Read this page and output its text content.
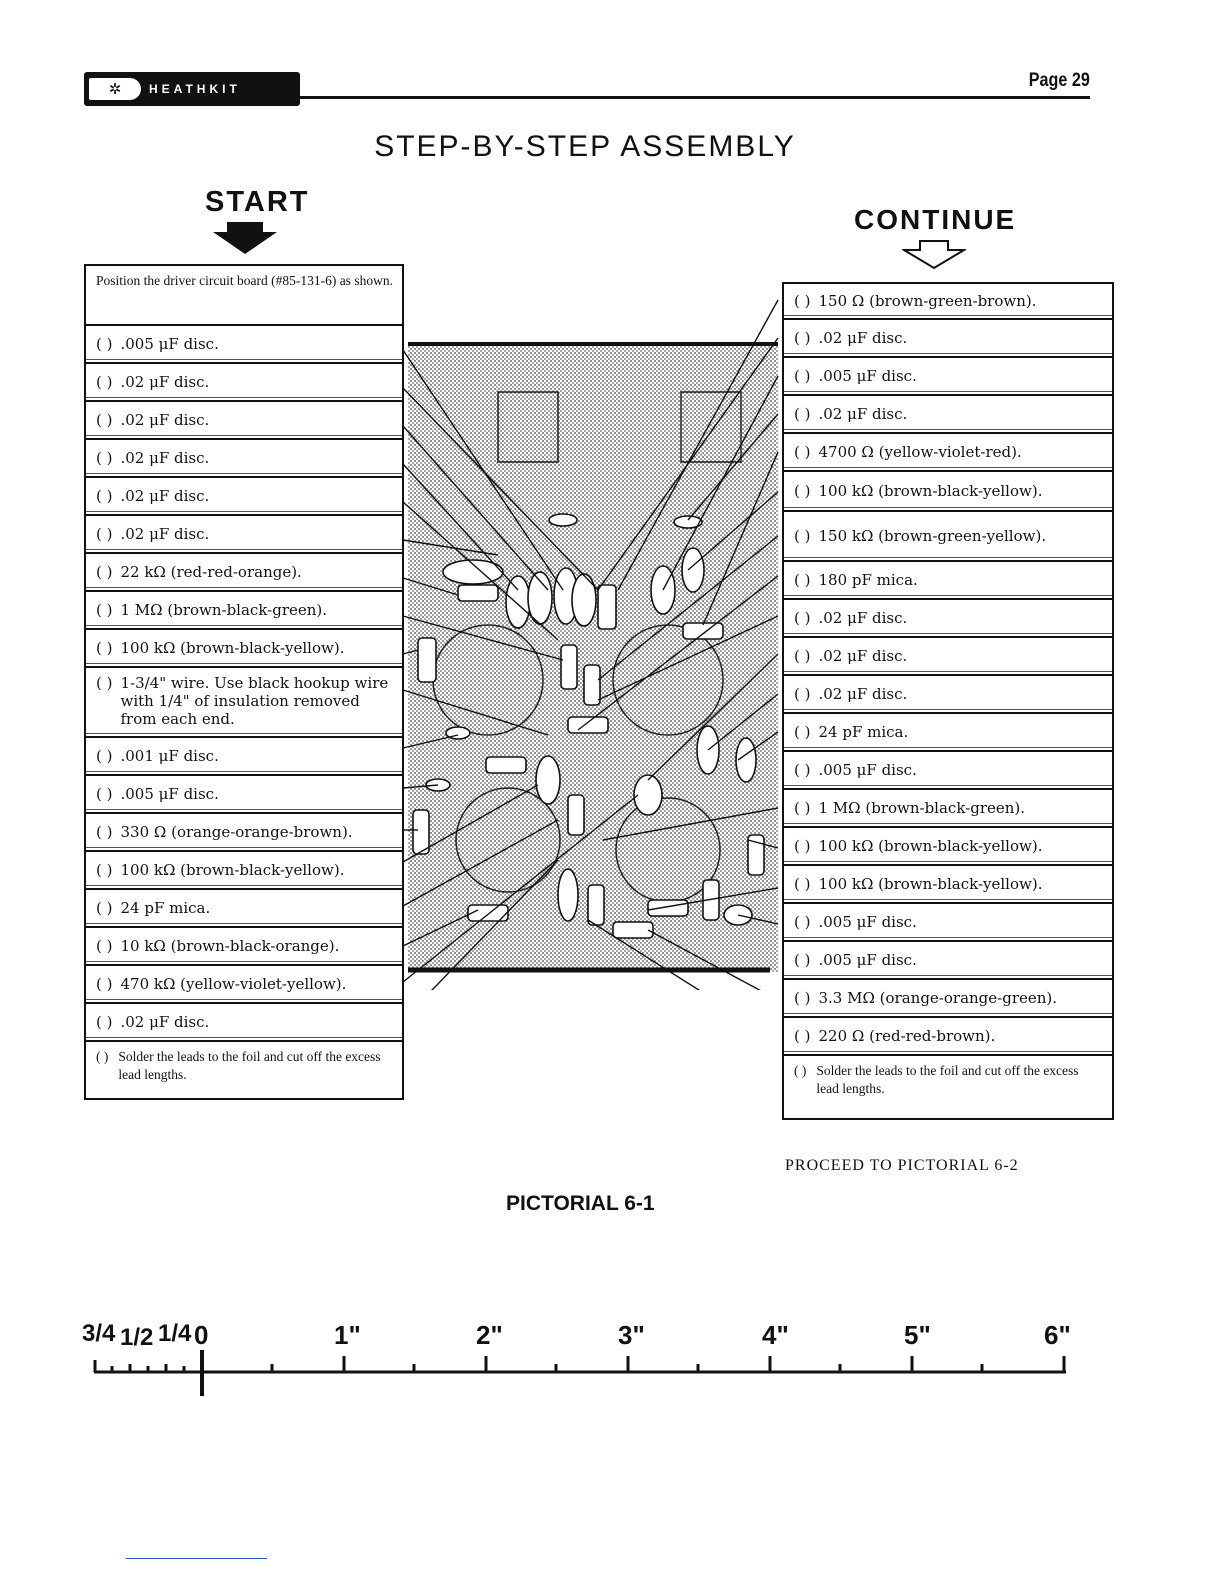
✲	HEATHKIT	Page 29
STEP-BY-STEP ASSEMBLY
START
CONTINUE
Position the driver circuit board (#85-131-6) as shown.
( ) .005 μF disc.
( ) .02 μF disc.
( ) .02 μF disc.
( ) .02 μF disc.
( ) .02 μF disc.
( ) .02 μF disc.
( ) 22 kΩ (red-red-orange).
( ) 1 MΩ (brown-black-green).
( ) 100 kΩ (brown-black-yellow).
( ) 1-3/4" wire. Use black hookup wire with 1/4" of insulation removed from each end.
( ) .001 μF disc.
( ) .005 μF disc.
( ) 330 Ω (orange-orange-brown).
( ) 100 kΩ (brown-black-yellow).
( ) 24 pF mica.
( ) 10 kΩ (brown-black-orange).
( ) 470 kΩ (yellow-violet-yellow).
( ) .02 μF disc.
( ) Solder the leads to the foil and cut off the excess lead lengths.
( ) 150 Ω (brown-green-brown).
( ) .02 μF disc.
( ) .005 μF disc.
( ) .02 μF disc.
( ) 4700 Ω (yellow-violet-red).
( ) 100 kΩ (brown-black-yellow).
( ) 150 kΩ (brown-green-yellow).
( ) 180 pF mica.
( ) .02 μF disc.
( ) .02 μF disc.
( ) .02 μF disc.
( ) 24 pF mica.
( ) .005 μF disc.
( ) 1 MΩ (brown-black-green).
( ) 100 kΩ (brown-black-yellow).
( ) 100 kΩ (brown-black-yellow).
( ) .005 μF disc.
( ) .005 μF disc.
( ) 3.3 MΩ (orange-orange-green).
( ) 220 Ω (red-red-brown).
( ) Solder the leads to the foil and cut off the excess lead lengths.
PROCEED TO PICTORIAL 6-2
PICTORIAL 6-1
3/4 1/2 1/4 0	1"	2"	3"	4"	5"	6"
